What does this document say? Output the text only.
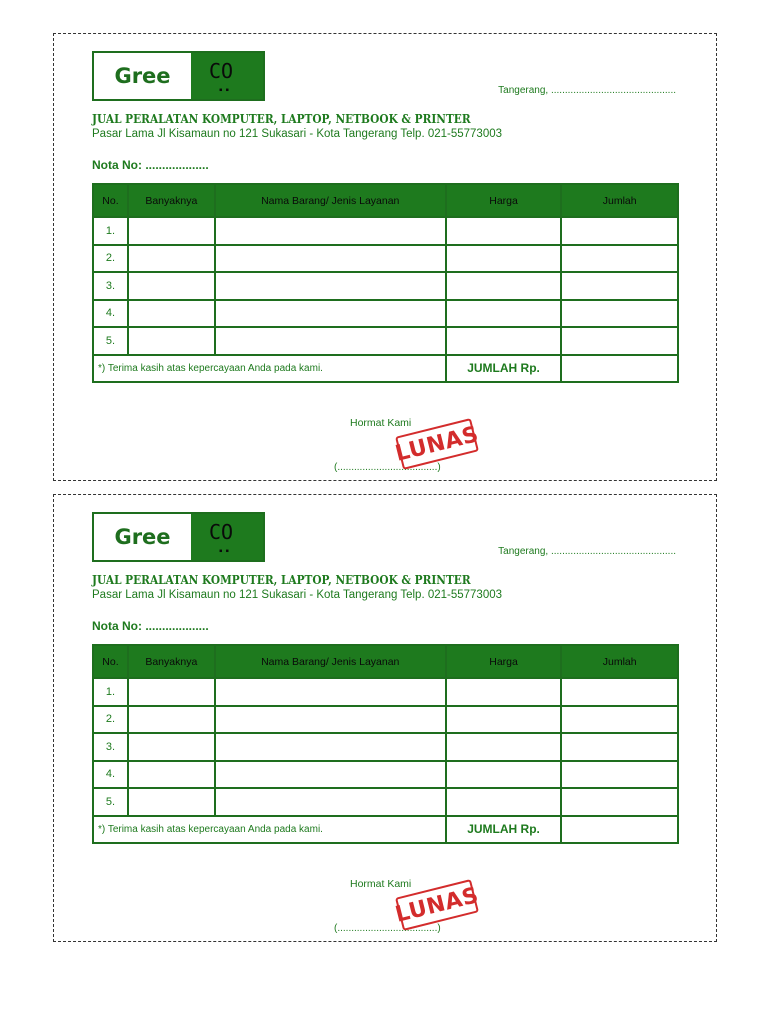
Gree	CO
▪▪	Tangerang, .............................................
JUAL PERALATAN KOMPUTER, LAPTOP, NETBOOK & PRINTER
Pasar Lama Jl Kisamaun no 121 Sukasari - Kota Tangerang Telp. 021-55773003
Nota No: ...................
No.	Banyaknya	Nama Barang/ Jenis Layanan	Harga	Jumlah
1.				
2.				
3.				
4.				
5.				
*) Terima kasih atas kepercayaan Anda pada kami.			JUMLAH Rp.	
Hormat Kami
LUNAS
(....................................)
Gree	CO
▪▪	Tangerang, .............................................
JUAL PERALATAN KOMPUTER, LAPTOP, NETBOOK & PRINTER
Pasar Lama Jl Kisamaun no 121 Sukasari - Kota Tangerang Telp. 021-55773003
Nota No: ...................
No.	Banyaknya	Nama Barang/ Jenis Layanan	Harga	Jumlah
1.				
2.				
3.				
4.				
5.				
*) Terima kasih atas kepercayaan Anda pada kami.			JUMLAH Rp.	
Hormat Kami
LUNAS
(....................................)
